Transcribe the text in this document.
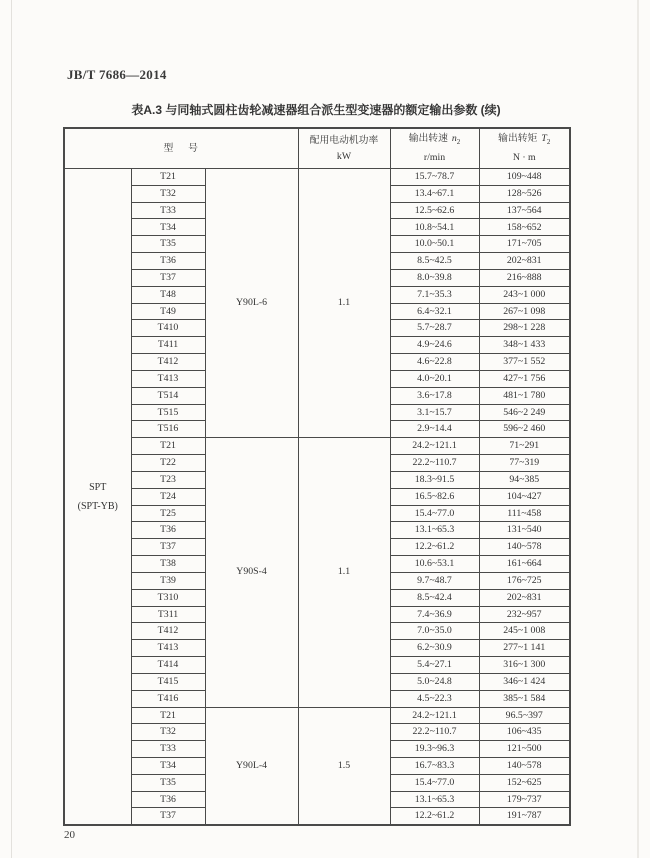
JB/T 7686—2014
表A.3 与同轴式圆柱齿轮减速器组合派生型变速器的额定输出参数 (续)
型    号	
配用电动机功率
kW

输出转速 $n_2$
r/min

输出转矩 $T_2$
N · m

SPT
(SPT-YB)	T21	Y90L-6	1.1	15.7~78.7	109~448
	T32			13.4~67.1	128~526
	T33			12.5~62.6	137~564
	T34			10.8~54.1	158~652
	T35			10.0~50.1	171~705
	T36			8.5~42.5	202~831
	T37			8.0~39.8	216~888
	T48			7.1~35.3	243~1 000
	T49			6.4~32.1	267~1 098
	T410			5.7~28.7	298~1 228
	T411			4.9~24.6	348~1 433
	T412			4.6~22.8	377~1 552
	T413			4.0~20.1	427~1 756
	T514			3.6~17.8	481~1 780
	T515			3.1~15.7	546~2 249
	T516			2.9~14.4	596~2 460
	T21	Y90S-4	1.1	24.2~121.1	71~291
	T22			22.2~110.7	77~319
	T23			18.3~91.5	94~385
	T24			16.5~82.6	104~427
	T25			15.4~77.0	111~458
	T36			13.1~65.3	131~540
	T37			12.2~61.2	140~578
	T38			10.6~53.1	161~664
	T39			9.7~48.7	176~725
	T310			8.5~42.4	202~831
	T311			7.4~36.9	232~957
	T412			7.0~35.0	245~1 008
	T413			6.2~30.9	277~1 141
	T414			5.4~27.1	316~1 300
	T415			5.0~24.8	346~1 424
	T416			4.5~22.3	385~1 584
	T21	Y90L-4	1.5	24.2~121.1	96.5~397
	T32			22.2~110.7	106~435
	T33			19.3~96.3	121~500
	T34			16.7~83.3	140~578
	T35			15.4~77.0	152~625
	T36			13.1~65.3	179~737
	T37			12.2~61.2	191~787
20
